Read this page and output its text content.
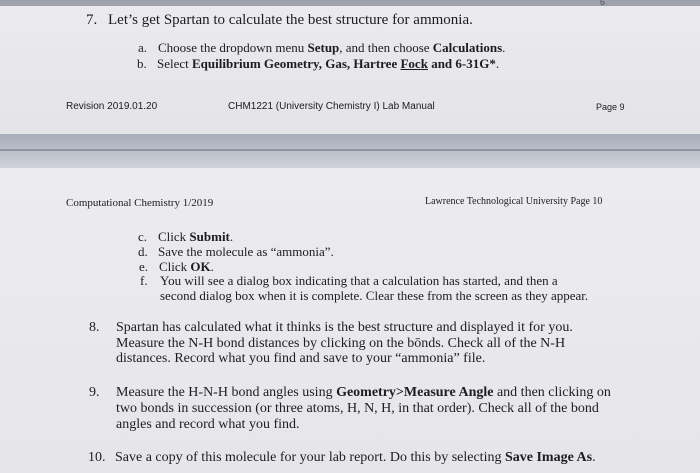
6
7. Let’s get Spartan to calculate the best structure for ammonia.
a. Choose the dropdown menu Setup, and then choose Calculations.
b. Select Equilibrium Geometry, Gas, Hartree Fock and 6-31G*.
Revision 2019.01.20	CHM1221 (University Chemistry I) Lab Manual	Page 9
Computational Chemistry 1/2019	Lawrence Technological University Page 10
c. Click Submit.
d. Save the molecule as “ammonia”.
e. Click OK.
f. You will see a dialog box indicating that a calculation has started, and then a
second dialog box when it is complete. Clear these from the screen as they appear.
8. Spartan has calculated what it thinks is the best structure and displayed it for you.
Measure the N-H bond distances by clicking on the bōnds. Check all of the N-H
distances. Record what you find and save to your “ammonia” file.
9. Measure the H-N-H bond angles using Geometry>Measure Angle and then clicking on
two bonds in succession (or three atoms, H, N, H, in that order). Check all of the bond
angles and record what you find.
10. Save a copy of this molecule for your lab report. Do this by selecting Save Image As.
